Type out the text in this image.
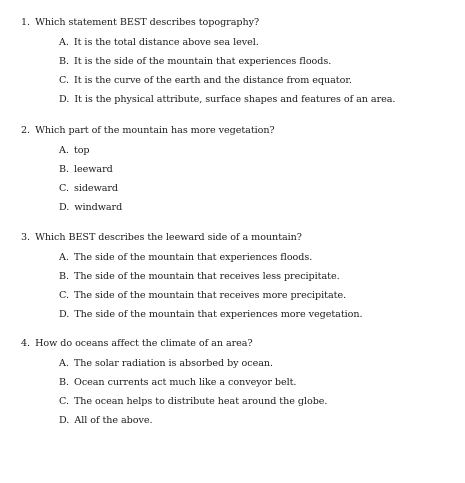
1. Which statement BEST describes topography?
A. It is the total distance above sea level.
B. It is the side of the mountain that experiences floods.
C. It is the curve of the earth and the distance from equator.
D. It is the physical attribute, surface shapes and features of an area.
2. Which part of the mountain has more vegetation?
A. top
B. leeward
C. sideward
D. windward
3. Which BEST describes the leeward side of a mountain?
A. The side of the mountain that experiences floods.
B. The side of the mountain that receives less precipitate.
C. The side of the mountain that receives more precipitate.
D. The side of the mountain that experiences more vegetation.
4. How do oceans affect the climate of an area?
A. The solar radiation is absorbed by ocean.
B. Ocean currents act much like a conveyor belt.
C. The ocean helps to distribute heat around the globe.
D. All of the above.
